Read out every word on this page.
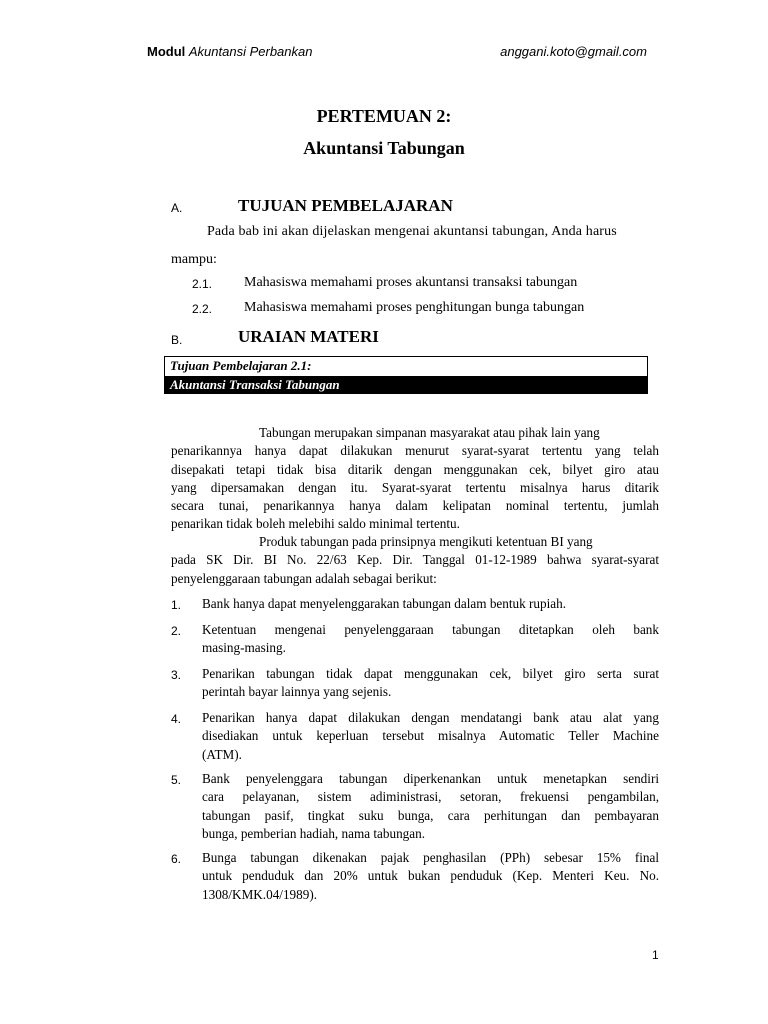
Modul Akuntansi Perbankan	anggani.koto@gmail.com
PERTEMUAN 2:
Akuntansi Tabungan
A.	TUJUAN PEMBELAJARAN
Pada bab ini akan dijelaskan mengenai akuntansi tabungan, Anda harus
mampu:
2.1. Mahasiswa memahami proses akuntansi transaksi tabungan
2.2. Mahasiswa memahami proses penghitungan bunga tabungan
B.	URAIAN MATERI
Tujuan Pembelajaran 2.1:
Akuntansi Transaksi Tabungan
Tabungan merupakan simpanan masyarakat atau pihak lain yang
penarikannya hanya dapat dilakukan menurut syarat-syarat tertentu yang telah
disepakati tetapi tidak bisa ditarik dengan menggunakan cek, bilyet giro atau
yang dipersamakan dengan itu. Syarat-syarat tertentu misalnya harus ditarik
secara tunai, penarikannya hanya dalam kelipatan nominal tertentu, jumlah
penarikan tidak boleh melebihi saldo minimal tertentu.
Produk tabungan pada prinsipnya mengikuti ketentuan BI yang
pada SK Dir. BI No. 22/63 Kep. Dir. Tanggal 01-12-1989 bahwa syarat-syarat
penyelenggaraan tabungan adalah sebagai berikut:
1. Bank hanya dapat menyelenggarakan tabungan dalam bentuk rupiah.
2. Ketentuan mengenai penyelenggaraan tabungan ditetapkan oleh bank
masing-masing.
3. Penarikan tabungan tidak dapat menggunakan cek, bilyet giro serta surat
perintah bayar lainnya yang sejenis.
4. Penarikan hanya dapat dilakukan dengan mendatangi bank atau alat yang
disediakan untuk keperluan tersebut misalnya Automatic Teller Machine
(ATM).
5. Bank penyelenggara tabungan diperkenankan untuk menetapkan sendiri
cara pelayanan, sistem adiministrasi, setoran, frekuensi pengambilan,
tabungan pasif, tingkat suku bunga, cara perhitungan dan pembayaran
bunga, pemberian hadiah, nama tabungan.
6. Bunga tabungan dikenakan pajak penghasilan (PPh) sebesar 15% final
untuk penduduk dan 20% untuk bukan penduduk (Kep. Menteri Keu. No.
1308/KMK.04/1989).
1
